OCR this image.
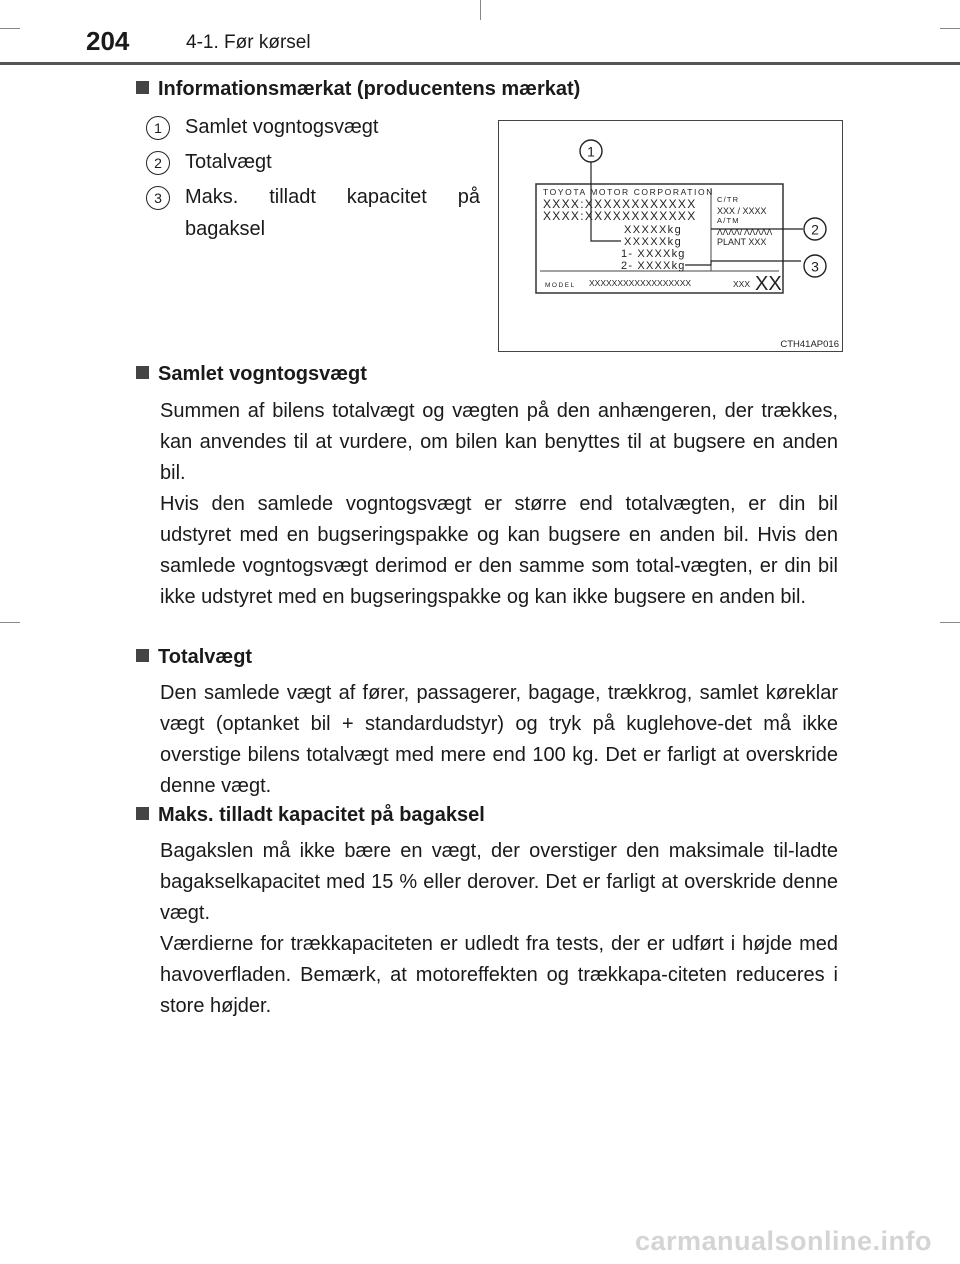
204	4-1. Før kørsel
Informationsmærkat (producentens mærkat)
1	Samlet vogntogsvægt
2	Totalvægt
3	Maks. tilladt kapacitet på bagaksel
TOYOTA MOTOR CORPORATION
XXXX:XXXXXXXXXXXX
XXXX:XXXXXXXXXXXX
XXXXXkg
XXXXXkg
1- XXXXkg
2- XXXXkg
C/TR
XXX / XXXX
A/TM
ΛΛΛΛ/ ΛΛΛΛΛ
PLANT XXX
MODEL XXXXXXXXXXXXXXXXXX	XXX XX
1
2
3
CTH41AP016
Samlet vogntogsvægt
Summen af bilens totalvægt og vægten på den anhængeren, der trækkes, kan anvendes til at vurdere, om bilen kan benyttes til at bugsere en anden bil.
Hvis den samlede vogntogsvægt er større end totalvægten, er din bil udstyret med en bugseringspakke og kan bugsere en anden bil. Hvis den samlede vogntogsvægt derimod er den samme som total-vægten, er din bil ikke udstyret med en bugseringspakke og kan ikke bugsere en anden bil.
Totalvægt
Den samlede vægt af fører, passagerer, bagage, trækkrog, samlet køreklar vægt (optanket bil + standardudstyr) og tryk på kuglehove-det må ikke overstige bilens totalvægt med mere end 100 kg. Det er farligt at overskride denne vægt.
Maks. tilladt kapacitet på bagaksel
Bagakslen må ikke bære en vægt, der overstiger den maksimale til-ladte bagakselkapacitet med 15 % eller derover. Det er farligt at overskride denne vægt.
Værdierne for trækkapaciteten er udledt fra tests, der er udført i højde med havoverfladen. Bemærk, at motoreffekten og trækkapa-citeten reduceres i store højder.
carmanualsonline.info
